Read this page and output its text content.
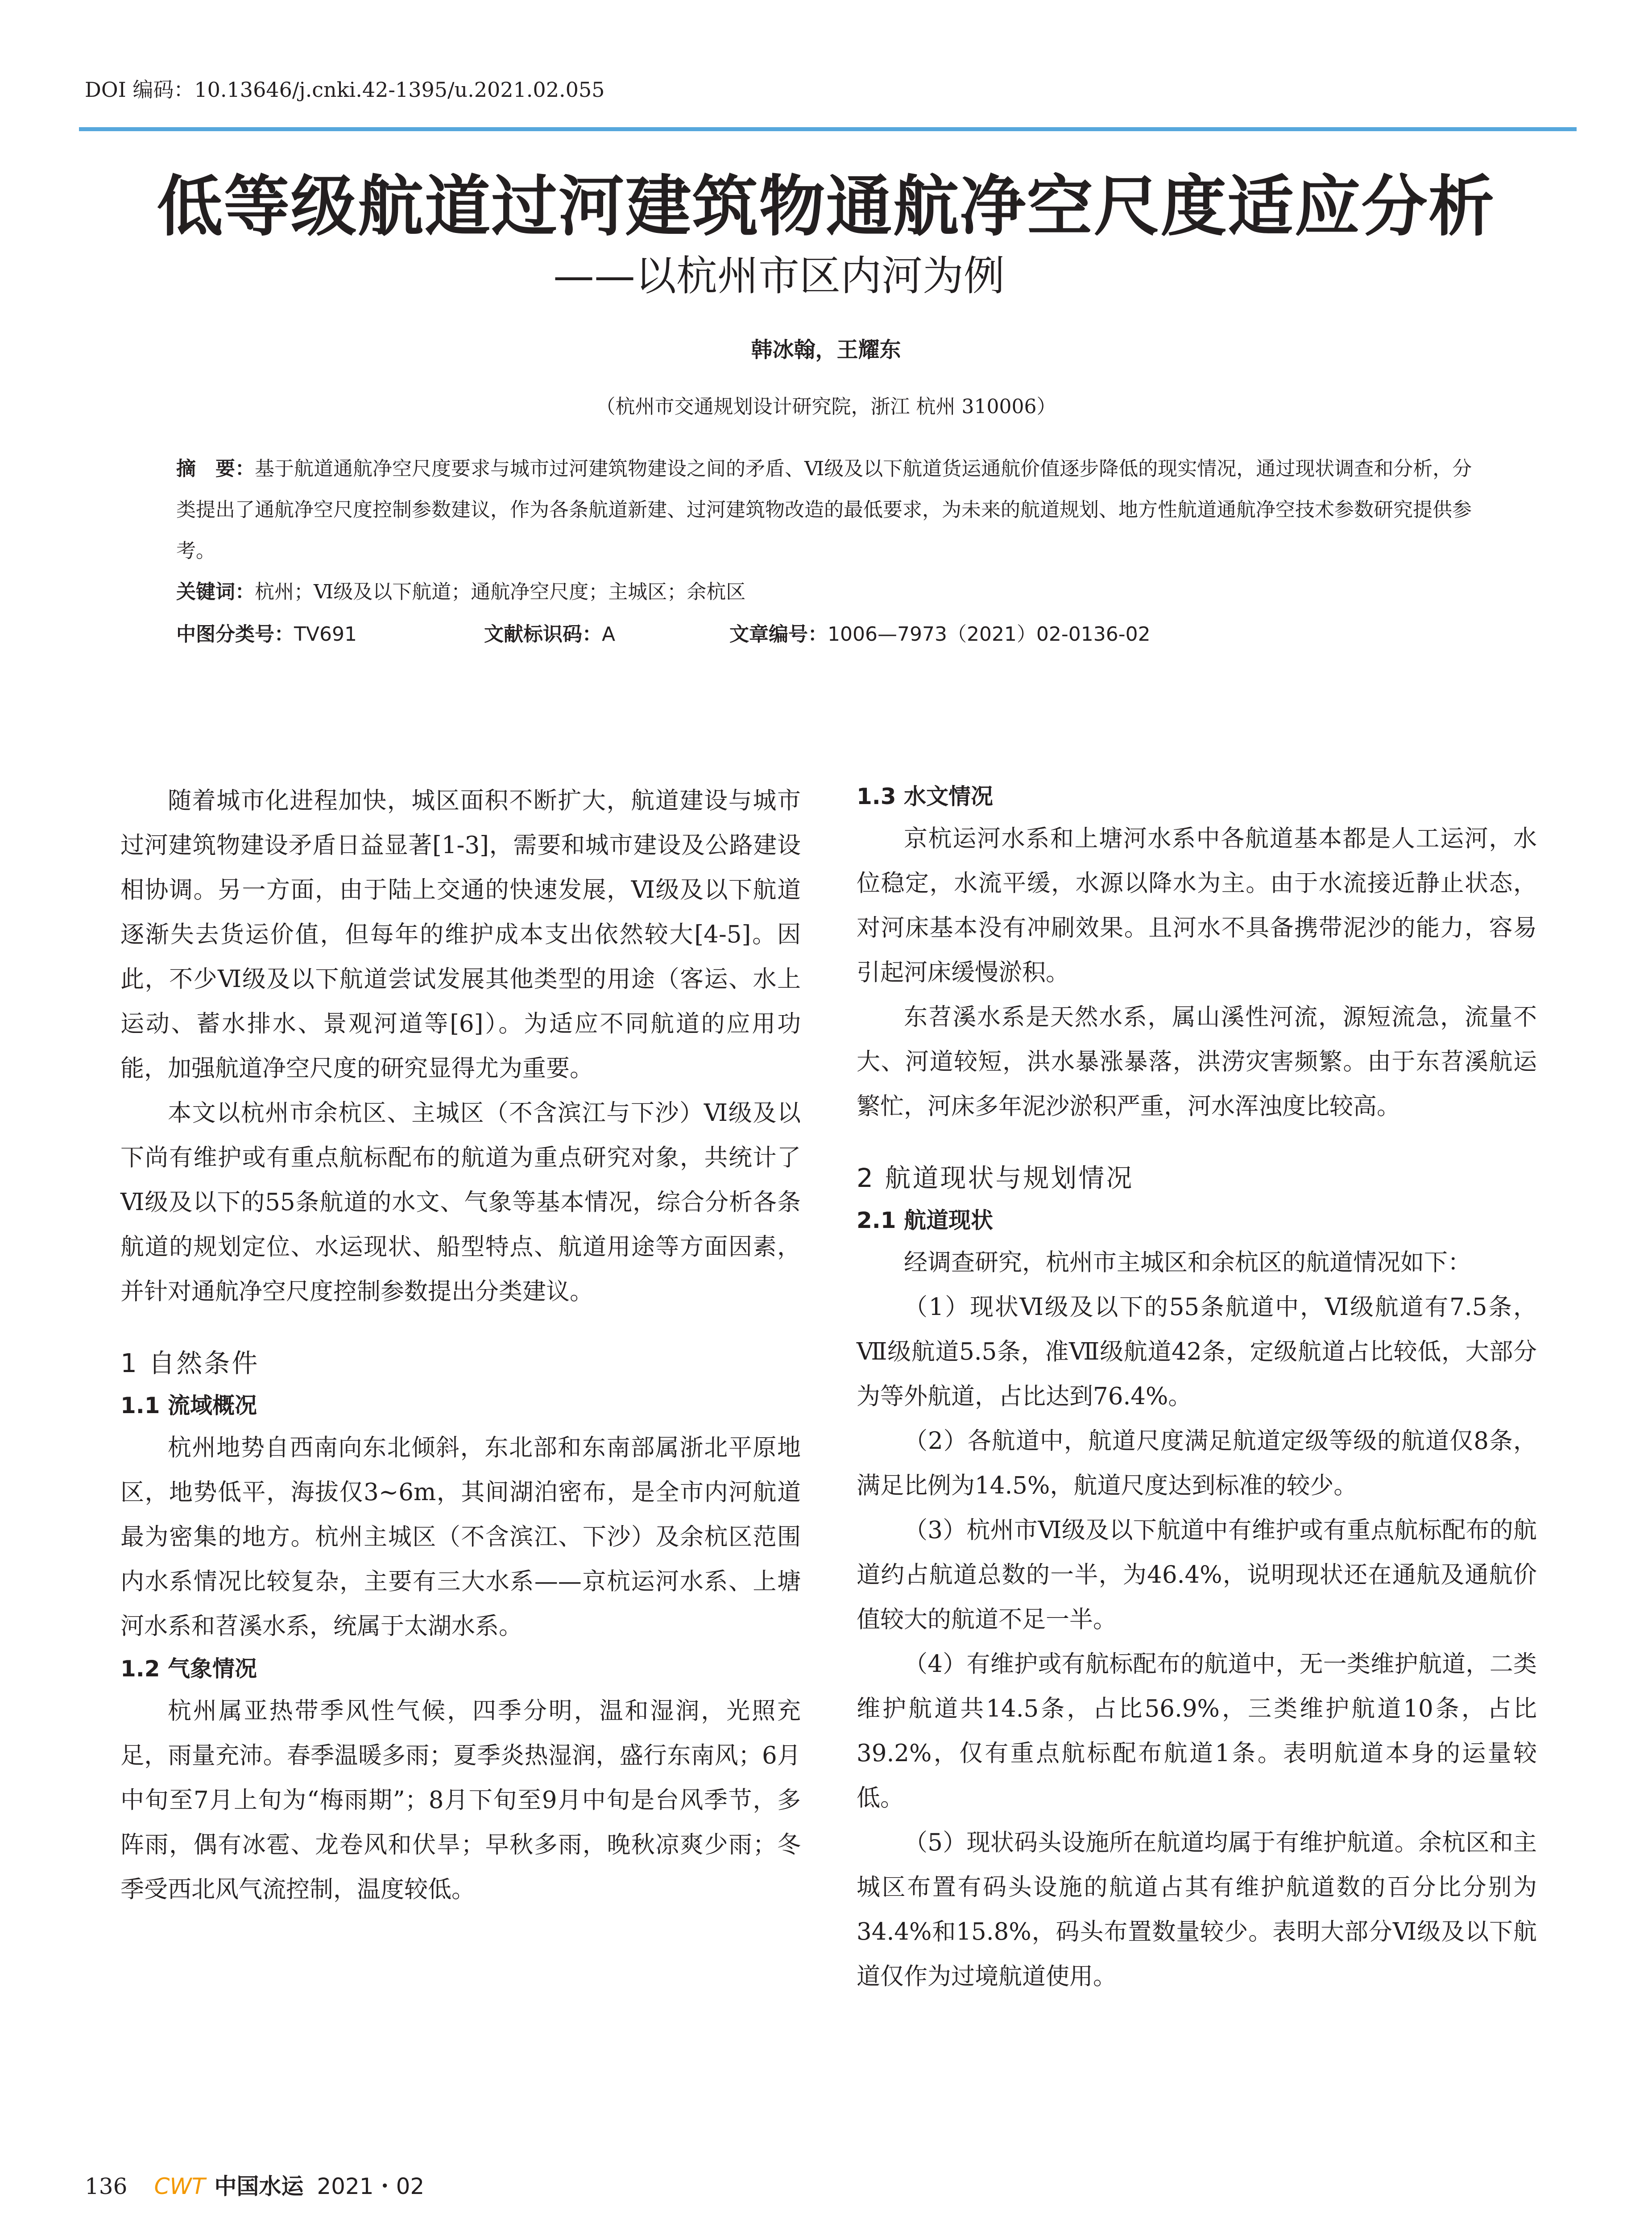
DOI 编码：10.13646/j.cnki.42-1395/u.2021.02.055
低等级航道过河建筑物通航净空尺度适应分析
——以杭州市区内河为例
韩冰翰，王耀东
（杭州市交通规划设计研究院，浙江 杭州 310006）
摘　要：基于航道通航净空尺度要求与城市过河建筑物建设之间的矛盾、Ⅵ级及以下航道货运通航价值逐步降低的现实情况，通过现状调查和分析，分类提出了通航净空尺度控制参数建议，作为各条航道新建、过河建筑物改造的最低要求，为未来的航道规划、地方性航道通航净空技术参数研究提供参考。
关键词：杭州；Ⅵ级及以下航道；通航净空尺度；主城区；余杭区
中图分类号：TV691	文献标识码：A	文章编号：1006—7973（2021）02-0136-02

随着城市化进程加快，城区面积不断扩大，航道建设与城市过河建筑物建设矛盾日益显著[1-3]，需要和城市建设及公路建设相协调。另一方面，由于陆上交通的快速发展，Ⅵ级及以下航道逐渐失去货运价值，但每年的维护成本支出依然较大[4-5]。因此，不少Ⅵ级及以下航道尝试发展其他类型的用途（客运、水上运动、蓄水排水、景观河道等[6]）。为适应不同航道的应用功能，加强航道净空尺度的研究显得尤为重要。

本文以杭州市余杭区、主城区（不含滨江与下沙）Ⅵ级及以下尚有维护或有重点航标配布的航道为重点研究对象，共统计了Ⅵ级及以下的55条航道的水文、气象等基本情况，综合分析各条航道的规划定位、水运现状、船型特点、航道用途等方面因素，并针对通航净空尺度控制参数提出分类建议。

1 自然条件
1.1 流域概况

杭州地势自西南向东北倾斜，东北部和东南部属浙北平原地区，地势低平，海拔仅3~6m，其间湖泊密布，是全市内河航道最为密集的地方。杭州主城区（不含滨江、下沙）及余杭区范围内水系情况比较复杂，主要有三大水系——京杭运河水系、上塘河水系和苕溪水系，统属于太湖水系。

1.2 气象情况

杭州属亚热带季风性气候，四季分明，温和湿润，光照充足，雨量充沛。春季温暖多雨；夏季炎热湿润，盛行东南风；6月中旬至7月上旬为“梅雨期”；8月下旬至9月中旬是台风季节，多阵雨，偶有冰雹、龙卷风和伏旱；早秋多雨，晚秋凉爽少雨；冬季受西北风气流控制，温度较低。

1.3 水文情况

京杭运河水系和上塘河水系中各航道基本都是人工运河，水位稳定，水流平缓，水源以降水为主。由于水流接近静止状态，对河床基本没有冲刷效果。且河水不具备携带泥沙的能力，容易引起河床缓慢淤积。

东苕溪水系是天然水系，属山溪性河流，源短流急，流量不大、河道较短，洪水暴涨暴落，洪涝灾害频繁。由于东苕溪航运繁忙，河床多年泥沙淤积严重，河水浑浊度比较高。

2 航道现状与规划情况
2.1 航道现状

经调查研究，杭州市主城区和余杭区的航道情况如下：

（1）现状Ⅵ级及以下的55条航道中，Ⅵ级航道有7.5条，Ⅶ级航道5.5条，准Ⅶ级航道42条，定级航道占比较低，大部分为等外航道，占比达到76.4%。

（2）各航道中，航道尺度满足航道定级等级的航道仅8条，满足比例为14.5%，航道尺度达到标准的较少。

（3）杭州市Ⅵ级及以下航道中有维护或有重点航标配布的航道约占航道总数的一半，为46.4%，说明现状还在通航及通航价值较大的航道不足一半。

（4）有维护或有航标配布的航道中，无一类维护航道，二类维护航道共14.5条，占比56.9%，三类维护航道10条，占比39.2%，仅有重点航标配布航道1条。表明航道本身的运量较低。

（5）现状码头设施所在航道均属于有维护航道。余杭区和主城区布置有码头设施的航道占其有维护航道数的百分比分别为34.4%和15.8%，码头布置数量较少。表明大部分Ⅵ级及以下航道仅作为过境航道使用。

136 CWT 中国水运 2021・02
